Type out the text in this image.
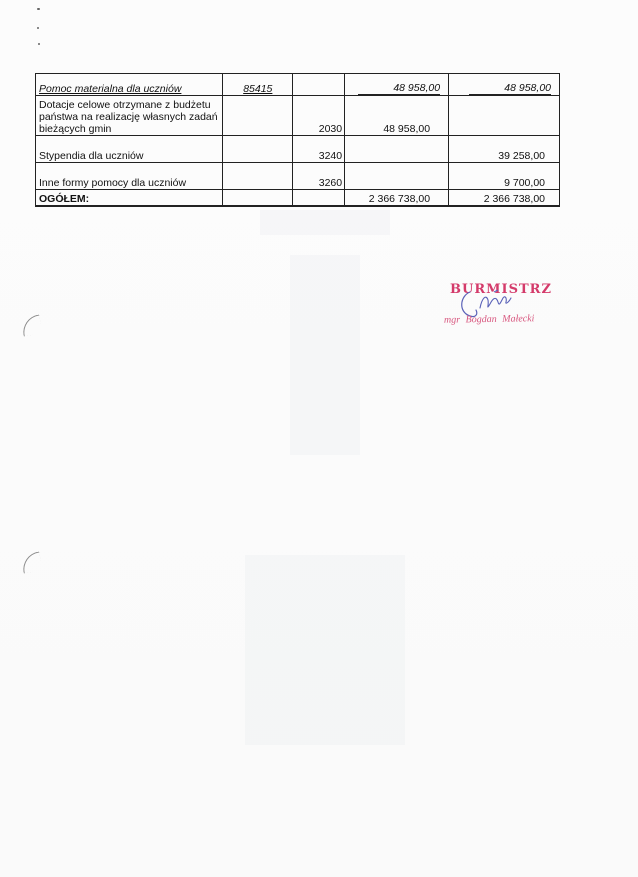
Pomoc materialna dla uczniów	85415		48 958,00	48 958,00
Dotacje celowe otrzymane z budżetu państwa na realizację własnych zadań bieżących gmin		2030	48 958,00	
Stypendia dla uczniów		3240		39 258,00
Inne formy pomocy dla uczniów		3260		9 700,00
OGÓŁEM:			2 366 738,00	2 366 738,00
BURMISTRZ
mgr Bogdan Małecki
